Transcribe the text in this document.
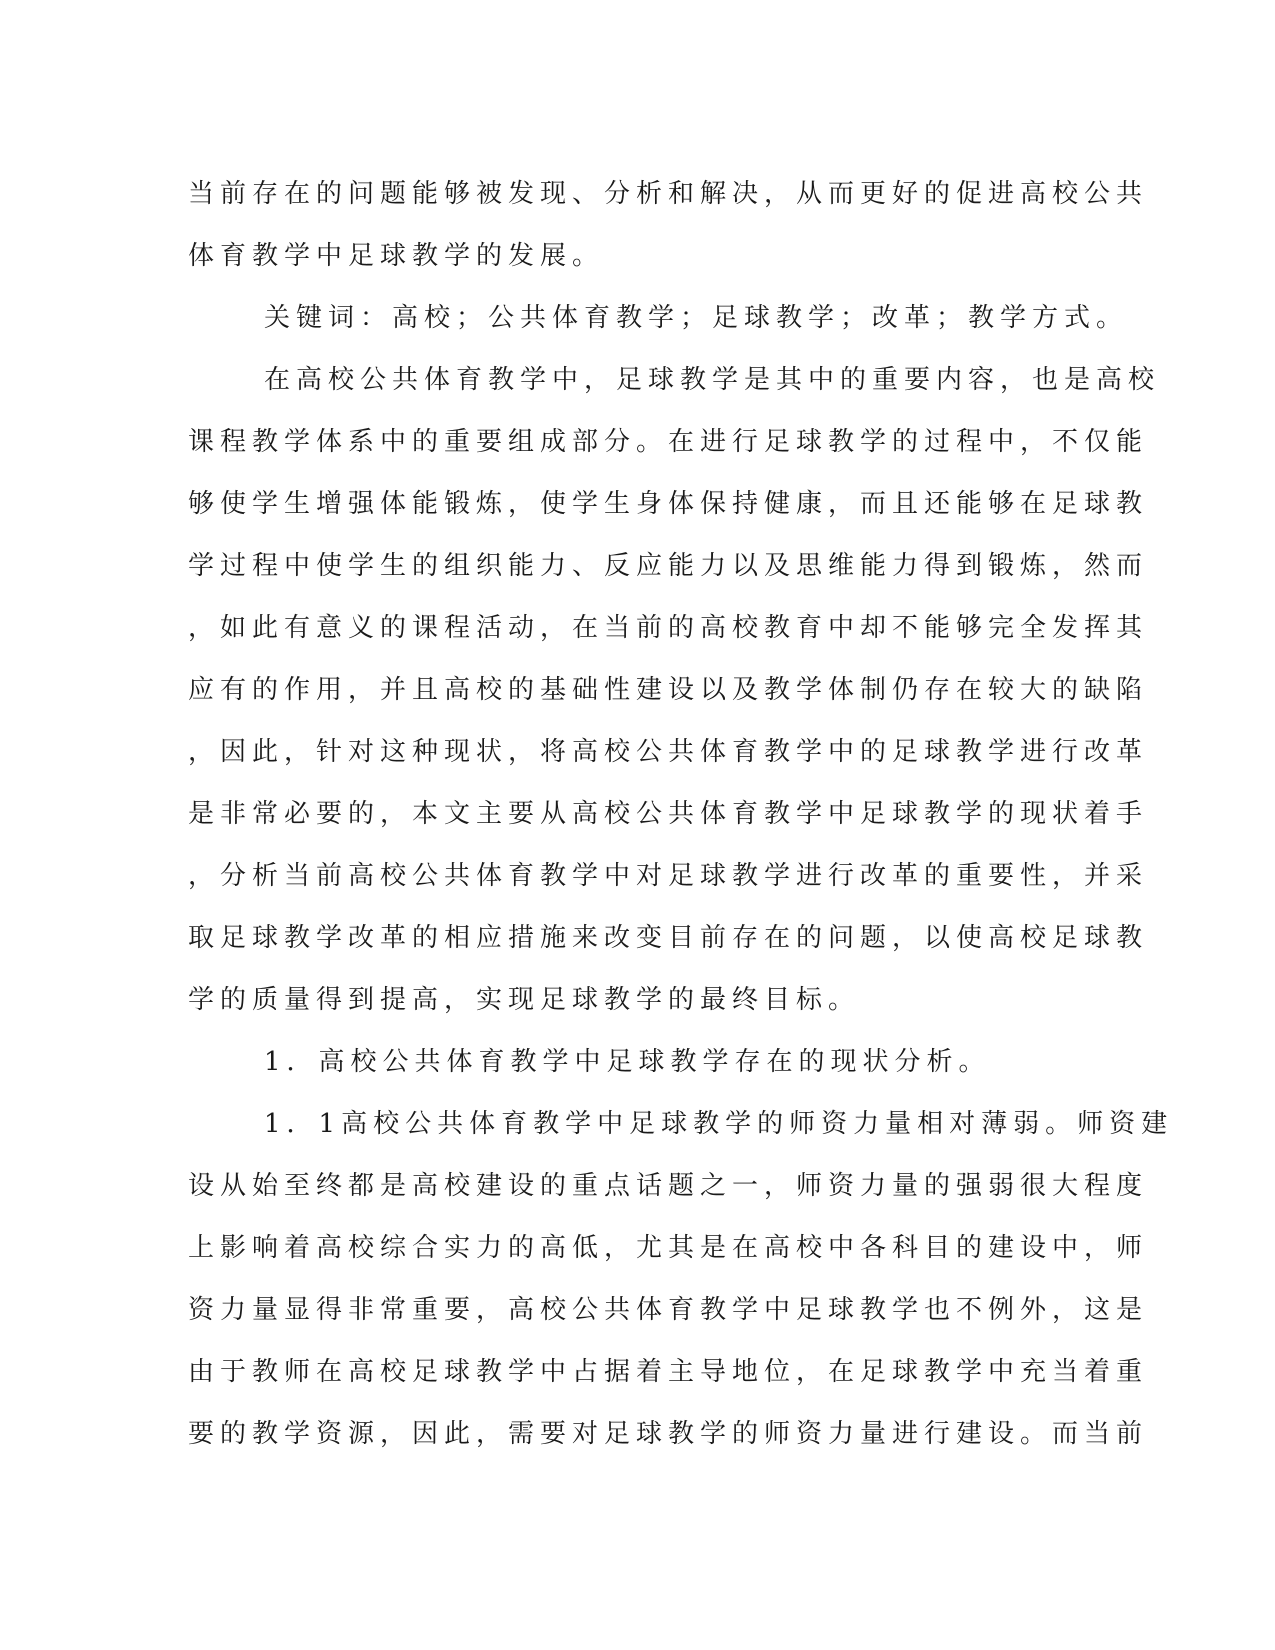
当前存在的问题能够被发现、分析和解决，从而更好的促进高校公共

体育教学中足球教学的发展。

关键词：高校；公共体育教学；足球教学；改革；教学方式。

在高校公共体育教学中，足球教学是其中的重要内容，也是高校

课程教学体系中的重要组成部分。在进行足球教学的过程中，不仅能

够使学生增强体能锻炼，使学生身体保持健康，而且还能够在足球教

学过程中使学生的组织能力、反应能力以及思维能力得到锻炼，然而

，如此有意义的课程活动，在当前的高校教育中却不能够完全发挥其

应有的作用，并且高校的基础性建设以及教学体制仍存在较大的缺陷

，因此，针对这种现状，将高校公共体育教学中的足球教学进行改革

是非常必要的，本文主要从高校公共体育教学中足球教学的现状着手

，分析当前高校公共体育教学中对足球教学进行改革的重要性，并采

取足球教学改革的相应措施来改变目前存在的问题，以使高校足球教

学的质量得到提高，实现足球教学的最终目标。

1．高校公共体育教学中足球教学存在的现状分析。

1．1高校公共体育教学中足球教学的师资力量相对薄弱。师资建

设从始至终都是高校建设的重点话题之一，师资力量的强弱很大程度

上影响着高校综合实力的高低，尤其是在高校中各科目的建设中，师

资力量显得非常重要，高校公共体育教学中足球教学也不例外，这是

由于教师在高校足球教学中占据着主导地位，在足球教学中充当着重

要的教学资源，因此，需要对足球教学的师资力量进行建设。而当前
